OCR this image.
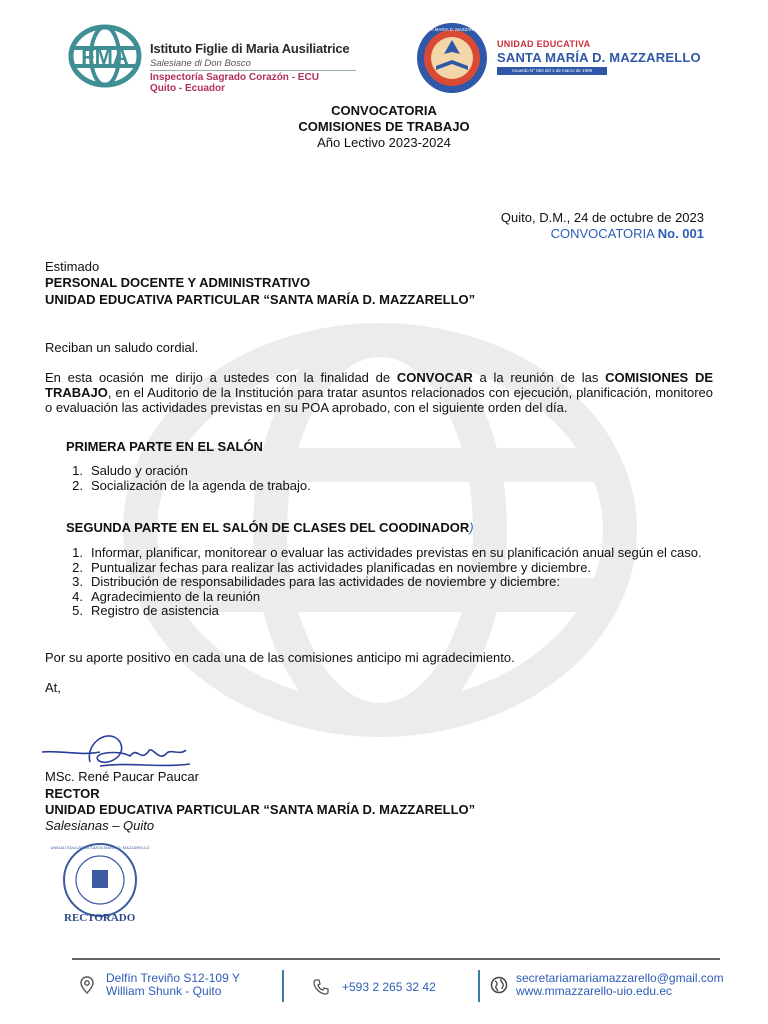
FMA Istituto Figlie di Maria Ausiliatrice
Salesiane di Don Bosco
Inspectoría Sagrado Corazón - ECU
Quito - Ecuador
SANTA MARIA D. MAZZARELLO
UNIDAD EDUCATIVA
SANTA MARÍA D. MAZZARELLO
Acuerdo N° 063 del 1 de marzo de 1999
CONVOCATORIA
COMISIONES DE TRABAJO
Año Lectivo 2023-2024
Quito, D.M., 24 de octubre de 2023
CONVOCATORIA No. 001
Estimado
PERSONAL DOCENTE Y ADMINISTRATIVO
UNIDAD EDUCATIVA PARTICULAR “SANTA MARÍA D. MAZZARELLO”
Reciban un saludo cordial.
En esta ocasión me dirijo a ustedes con la finalidad de CONVOCAR a la reunión de las COMISIONES DE TRABAJO, en el Auditorio de la Institución para tratar asuntos relacionados con ejecución, planificación, monitoreo o evaluación las actividades previstas en su POA aprobado, con el siguiente orden del día.
PRIMERA PARTE EN EL SALÓN
1. Saludo y oración
2. Socialización de la agenda de trabajo.
SEGUNDA PARTE EN EL SALÓN DE CLASES DEL COODINADOR)
1. Informar, planificar, monitorear o evaluar las actividades previstas en su planificación anual según el caso.
2. Puntualizar fechas para realizar las actividades planificadas en noviembre y diciembre.
3. Distribución de responsabilidades para las actividades de noviembre y diciembre:
4. Agradecimiento de la reunión
5. Registro de asistencia
Por su aporte positivo en cada una de las comisiones anticipo mi agradecimiento.
At,
MSc. René Paucar Paucar
RECTOR
UNIDAD EDUCATIVA PARTICULAR “SANTA MARÍA D. MAZZARELLO”
Salesianas – Quito
UNIDAD EDUCATIVA SANTA MARIA D. MAZZARELLO
RECTORADO
Delfín Treviño S12-109 Y
William Shunk - Quito	+593 2 265 32 42
secretariamariamazzarello@gmail.com
www.mmazzarello-uio.edu.ec
